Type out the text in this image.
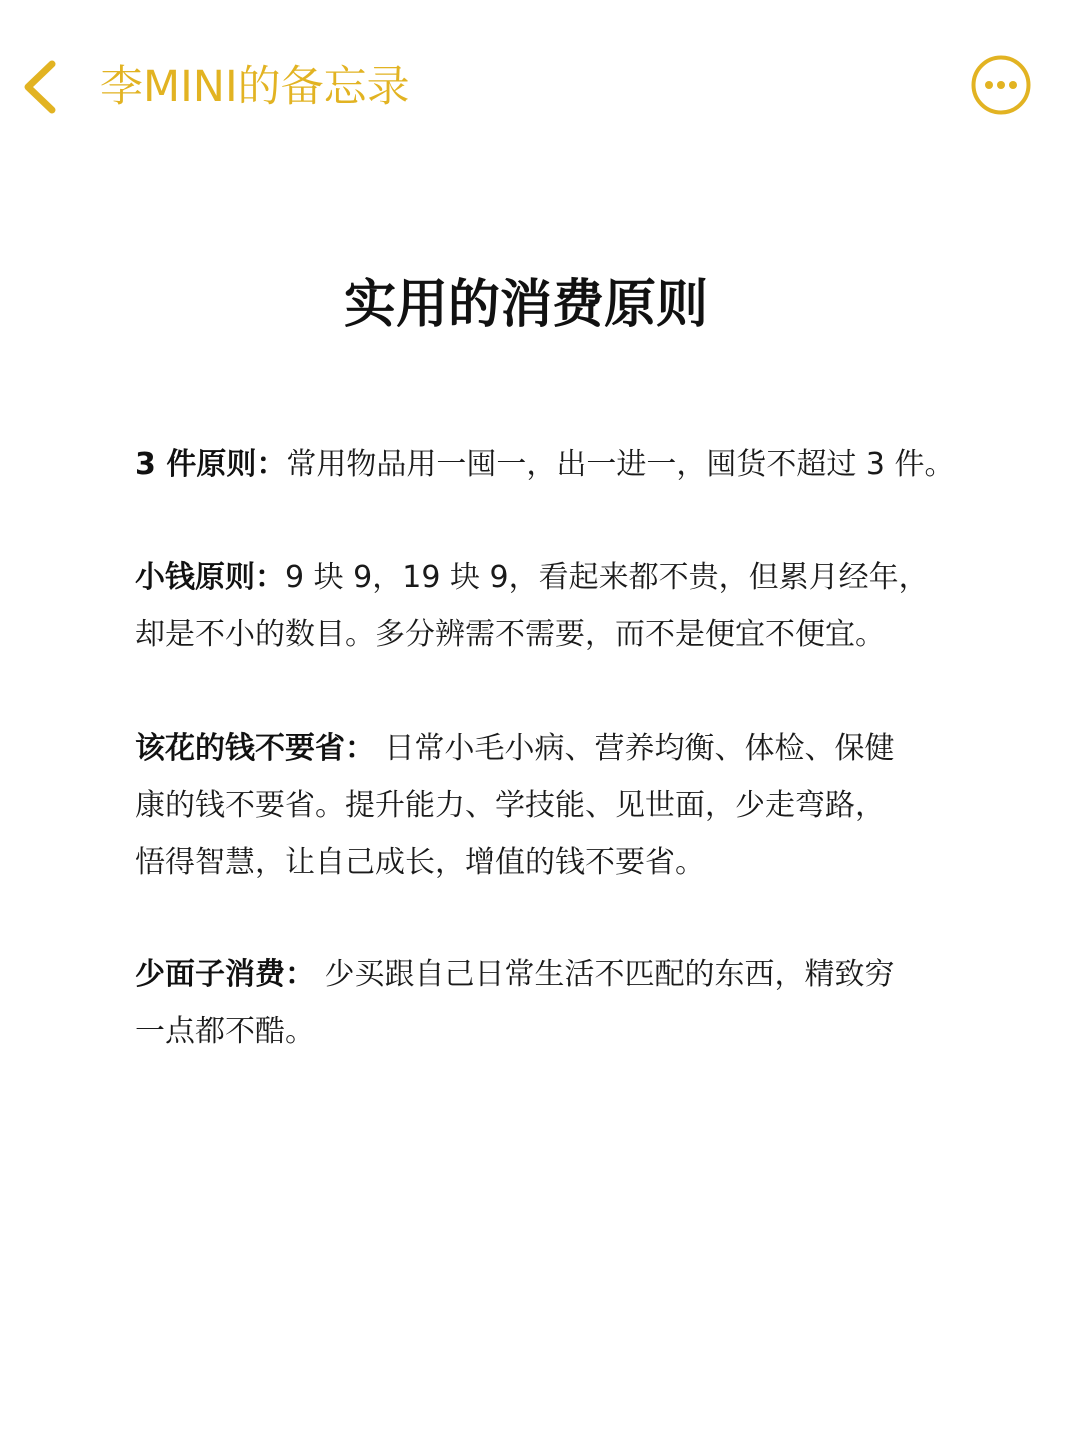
李MINI的备忘录
实用的消费原则

3 件原则：常用物品用一囤一，出一进一，囤货不超过 3 件。

小钱原则：9 块 9，19 块 9，看起来都不贵，但累月经年，
却是不小的数目。多分辨需不需要，而不是便宜不便宜。

该花的钱不要省： 日常小毛小病、营养均衡、体检、保健
康的钱不要省。提升能力、学技能、见世面，少走弯路，
悟得智慧，让自己成长，增值的钱不要省。

少面子消费： 少买跟自己日常生活不匹配的东西，精致穷
一点都不酷。
